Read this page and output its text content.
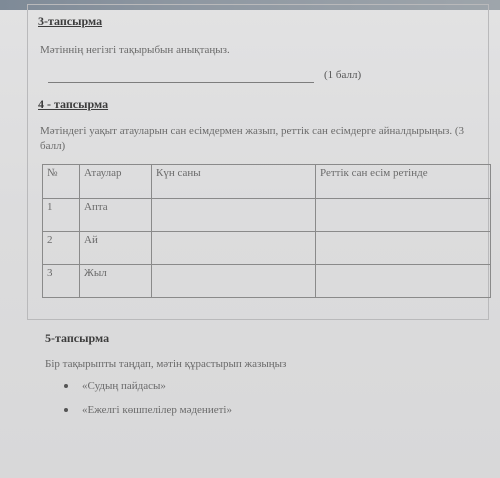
3-тапсырма
Мәтіннің негізгі тақырыбын анықтаңыз.
(1 балл)
4 - тапсырма
Мәтіндегі уақыт атауларын сан есімдермен жазып, реттік сан есімдерге айналдырыңыз. (3 балл)
№	Атаулар	Күн саны	Реттік сан есім ретінде
1	Апта		
2	Ай		
3	Жыл		
5-тапсырма
Бір тақырыпты таңдап, мәтін құрастырып жазыңыз
«Судың пайдасы»
«Ежелгі көшпелілер мәдениеті»
